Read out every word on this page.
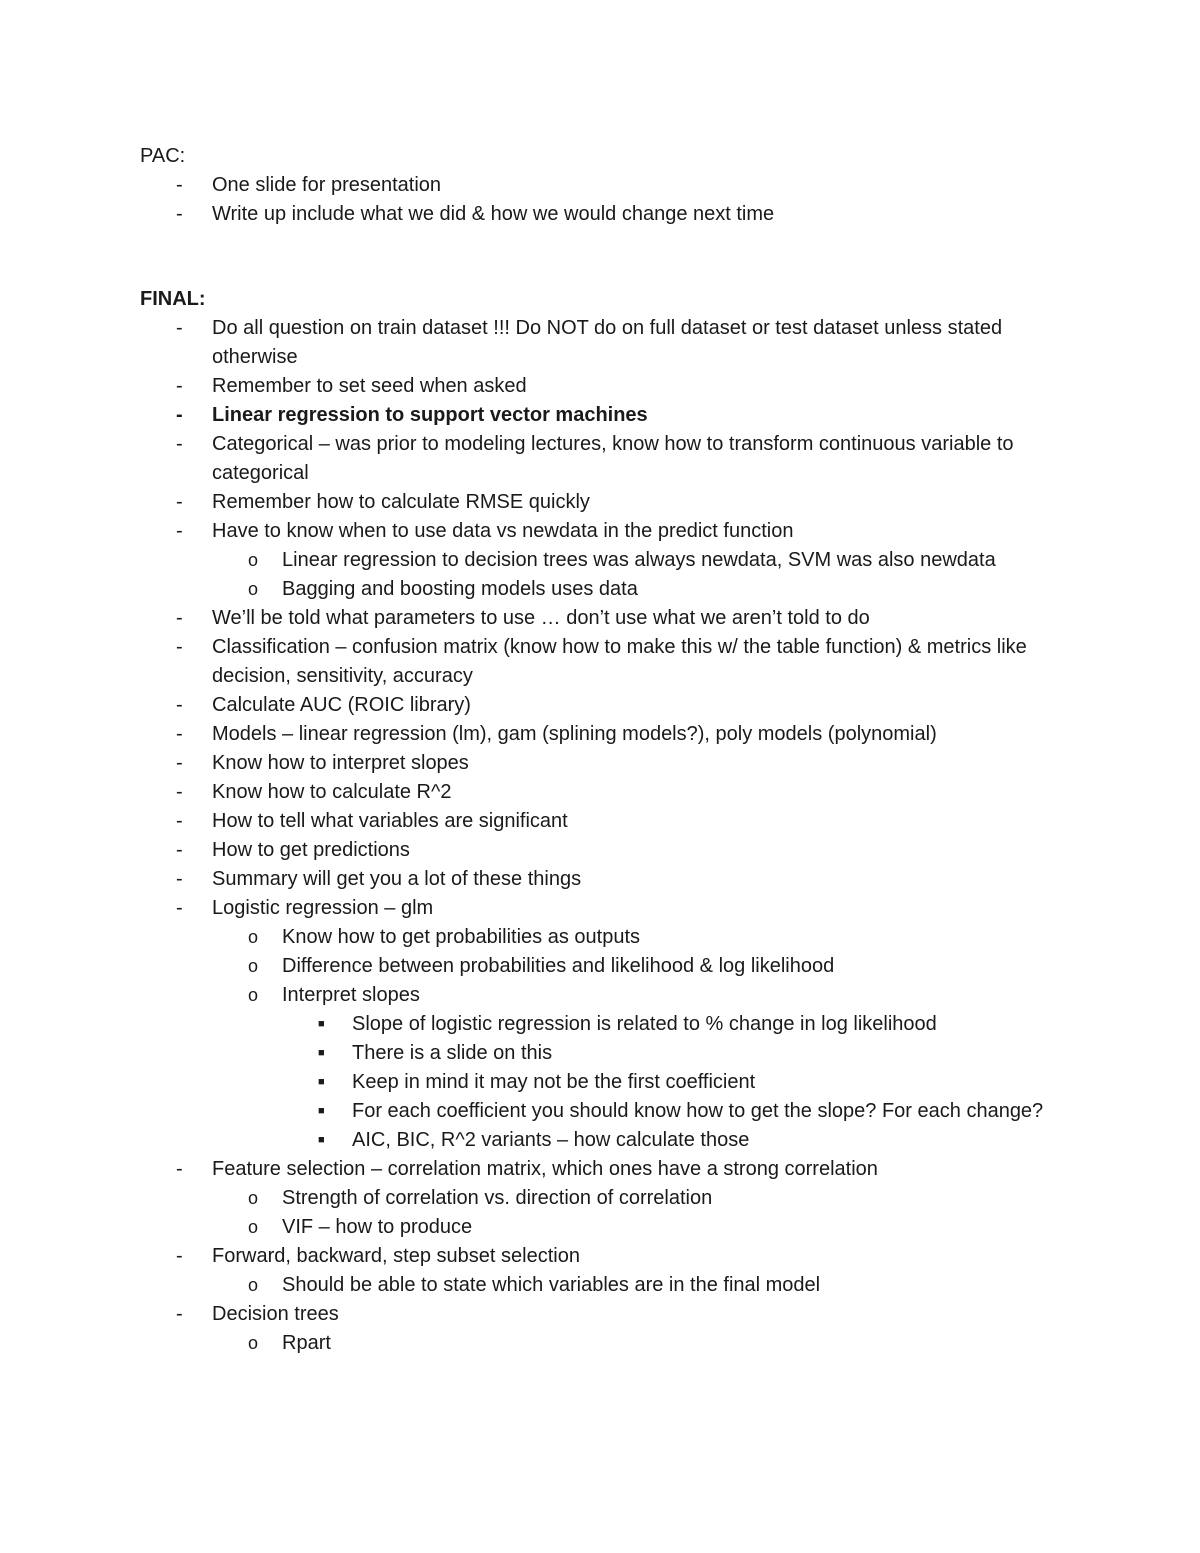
PAC:
-	One slide for presentation
-	Write up include what we did & how we would change next time
FINAL:
-	Do all question on train dataset !!! Do NOT do on full dataset or test dataset unless stated otherwise
-	Remember to set seed when asked
-	Linear regression to support vector machines
-	Categorical – was prior to modeling lectures, know how to transform continuous variable to categorical
-	Remember how to calculate RMSE quickly
-	Have to know when to use data vs newdata in the predict function
o	Linear regression to decision trees was always newdata, SVM was also newdata
o	Bagging and boosting models uses data
-	We’ll be told what parameters to use … don’t use what we aren’t told to do
-	Classification – confusion matrix (know how to make this w/ the table function) & metrics like decision, sensitivity, accuracy
-	Calculate AUC (ROIC library)
-	Models – linear regression (lm), gam (splining models?), poly models (polynomial)
-	Know how to interpret slopes
-	Know how to calculate R^2
-	How to tell what variables are significant
-	How to get predictions
-	Summary will get you a lot of these things
-	Logistic regression – glm
o	Know how to get probabilities as outputs
o	Difference between probabilities and likelihood & log likelihood
o	Interpret slopes
■	Slope of logistic regression is related to % change in log likelihood
■	There is a slide on this
■	Keep in mind it may not be the first coefficient
■	For each coefficient you should know how to get the slope? For each change?
■	AIC, BIC, R^2 variants – how calculate those
-	Feature selection – correlation matrix, which ones have a strong correlation
o	Strength of correlation vs. direction of correlation
o	VIF – how to produce
-	Forward, backward, step subset selection
o	Should be able to state which variables are in the final model
-	Decision trees
o	Rpart
